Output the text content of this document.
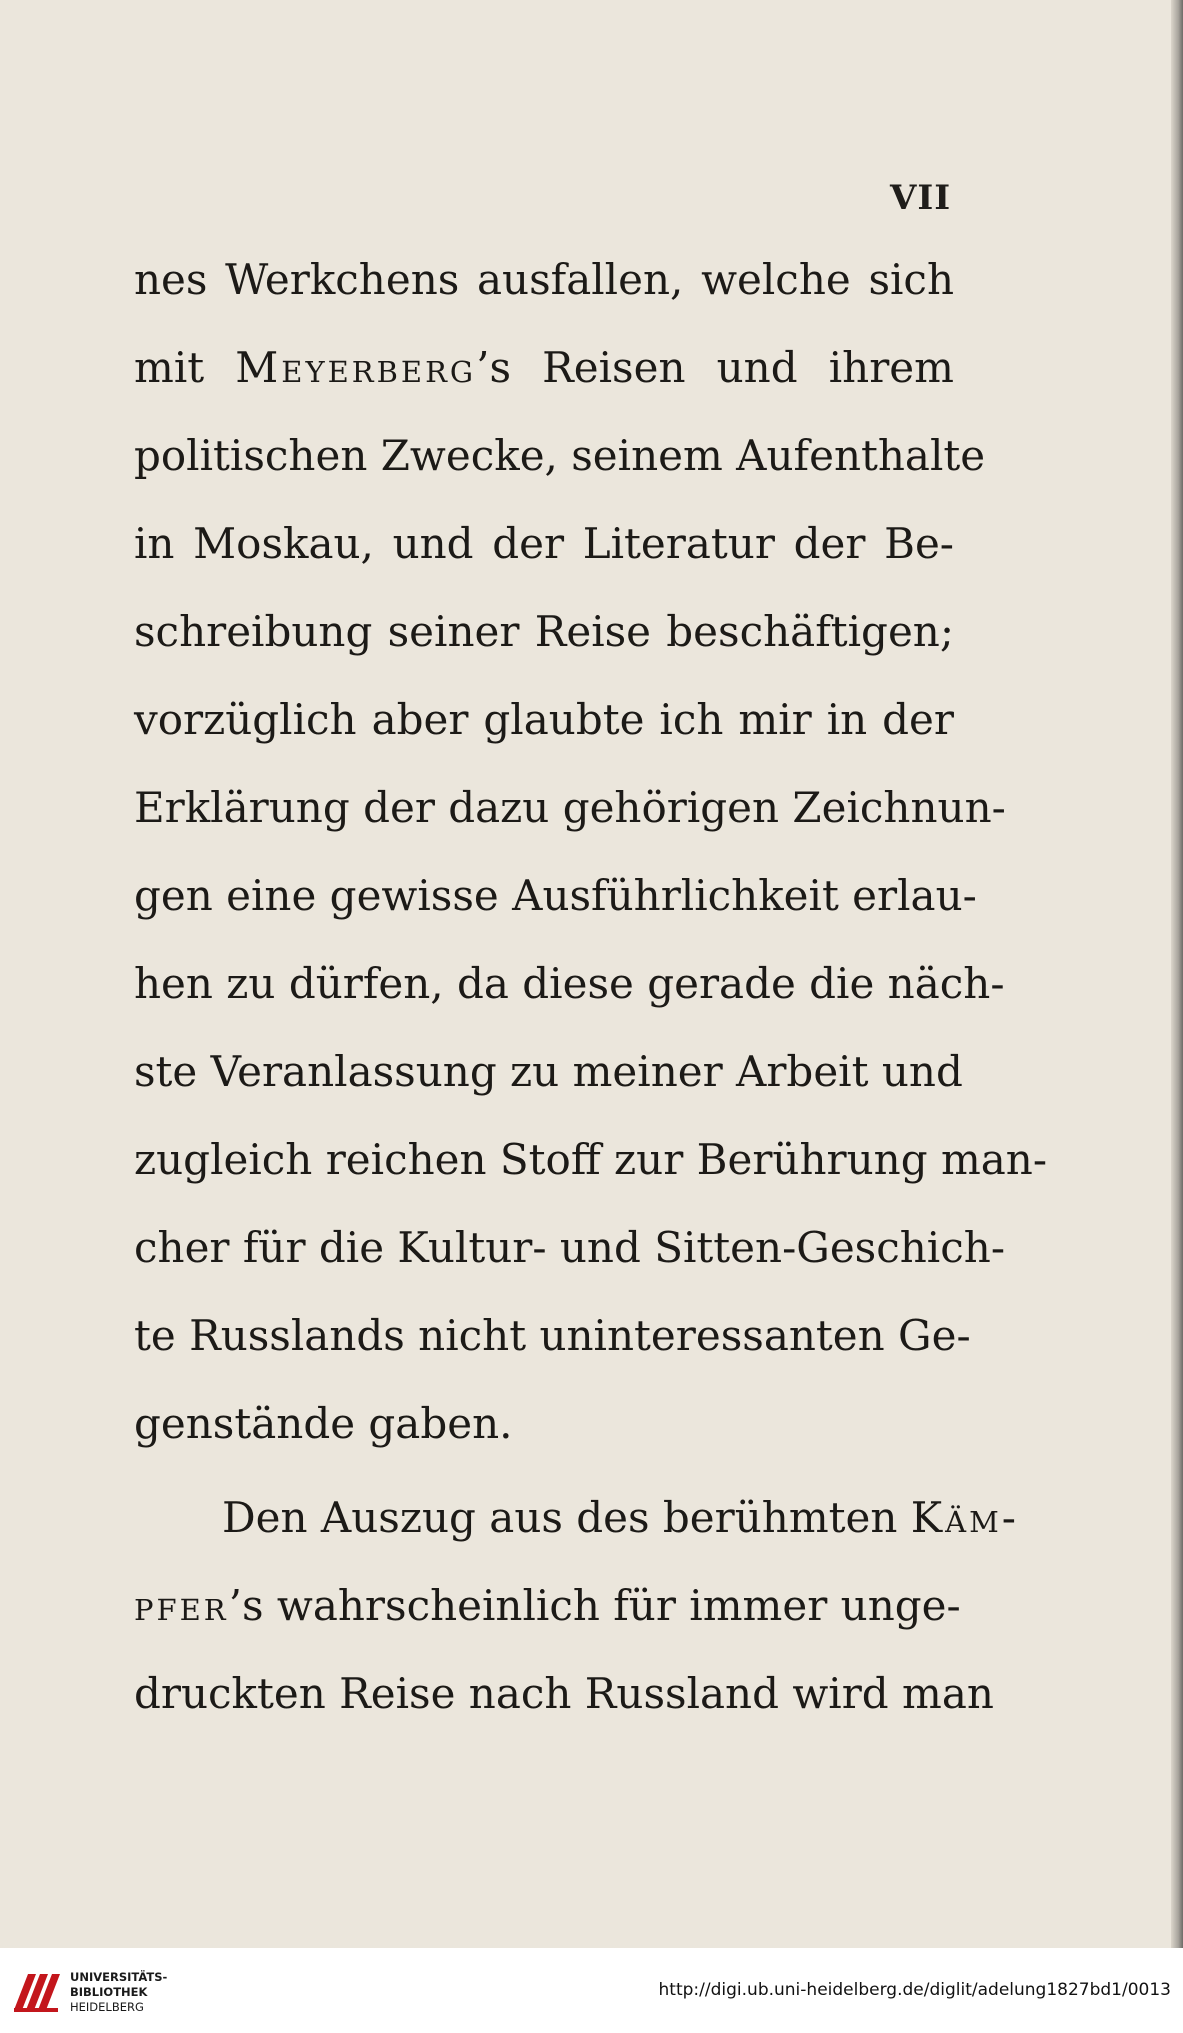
VII

nes Werkchens ausfallen, welche sich
mit Meyerberg’s Reisen und ihrem
politischen Zwecke, seinem Aufenthalte
in Moskau, und der Literatur der Be-
schreibung seiner Reise beschäftigen;
vorzüglich aber glaubte ich mir in der
Erklärung der dazu gehörigen Zeichnun-
gen eine gewisse Ausführlichkeit erlau-
hen zu dürfen, da diese gerade die näch-
ste Veranlassung zu meiner Arbeit und
zugleich reichen Stoff zur Berührung man-
cher für die Kultur- und Sitten-Geschich-
te Russlands nicht uninteressanten Ge-
genstände gaben.
Den Auszug aus des berühmten Käm-
pfer’s wahrscheinlich für immer unge-
druckten Reise nach Russland wird man
UNIVERSITÄTS-
BIBLIOTHEK
HEIDELBERG
http://digi.ub.uni-heidelberg.de/diglit/adelung1827bd1/0013
